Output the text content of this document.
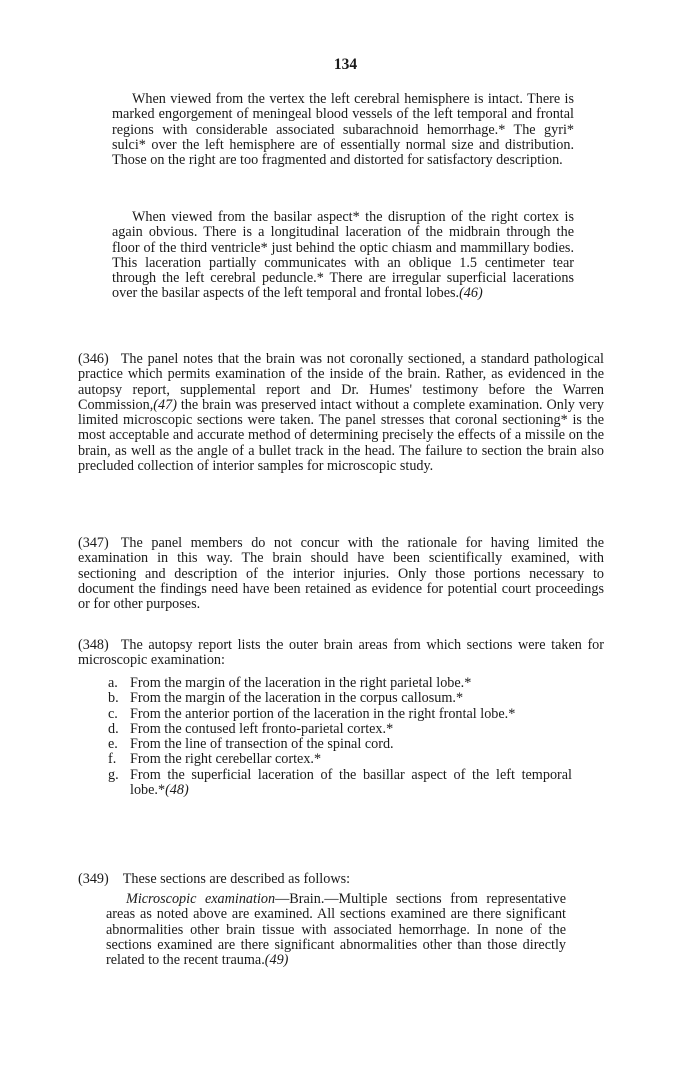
134

When viewed from the vertex the left cerebral hemisphere is intact. There is marked engorgement of meningeal blood vessels of the left temporal and frontal regions with considerable associated subarachnoid hemorrhage.* The gyri* sulci* over the left hemisphere are of essentially normal size and distribution. Those on the right are too fragmented and distorted for satisfactory description.

When viewed from the basilar aspect* the disruption of the right cortex is again obvious. There is a longitudinal laceration of the midbrain through the floor of the third ventricle* just behind the optic chiasm and mammillary bodies. This laceration partially communicates with an oblique 1.5 centimeter tear through the left cerebral peduncle.* There are irregular superficial lacerations over the basilar aspects of the left temporal and frontal lobes.(46)

(346) The panel notes that the brain was not coronally sectioned, a standard pathological practice which permits examination of the inside of the brain. Rather, as evidenced in the autopsy report, supplemental report and Dr. Humes' testimony before the Warren Commission,(47) the brain was preserved intact without a complete examination. Only very limited microscopic sections were taken. The panel stresses that coronal sectioning* is the most acceptable and accurate method of determining precisely the effects of a missile on the brain, as well as the angle of a bullet track in the head. The failure to section the brain also precluded collection of interior samples for microscopic study.
(347) The panel members do not concur with the rationale for having limited the examination in this way. The brain should have been scientifically examined, with sectioning and description of the interior injuries. Only those portions necessary to document the findings need have been retained as evidence for potential court proceedings or for other purposes.
(348) The autopsy report lists the outer brain areas from which sections were taken for microscopic examination:
a. From the margin of the laceration in the right parietal lobe.*
b. From the margin of the laceration in the corpus callosum.*
c. From the anterior portion of the laceration in the right frontal lobe.*
d. From the contused left fronto-parietal cortex.*
e. From the line of transection of the spinal cord.
f. From the right cerebellar cortex.*
g. From the superficial laceration of the basillar aspect of the left temporal lobe.*(48)
(349) These sections are described as follows:

Microscopic examination—Brain.—Multiple sections from representative areas as noted above are examined. All sections examined are there significant abnormalities other brain tissue with associated hemorrhage. In none of the sections examined are there significant abnormalities other than those directly related to the recent trauma.(49)
